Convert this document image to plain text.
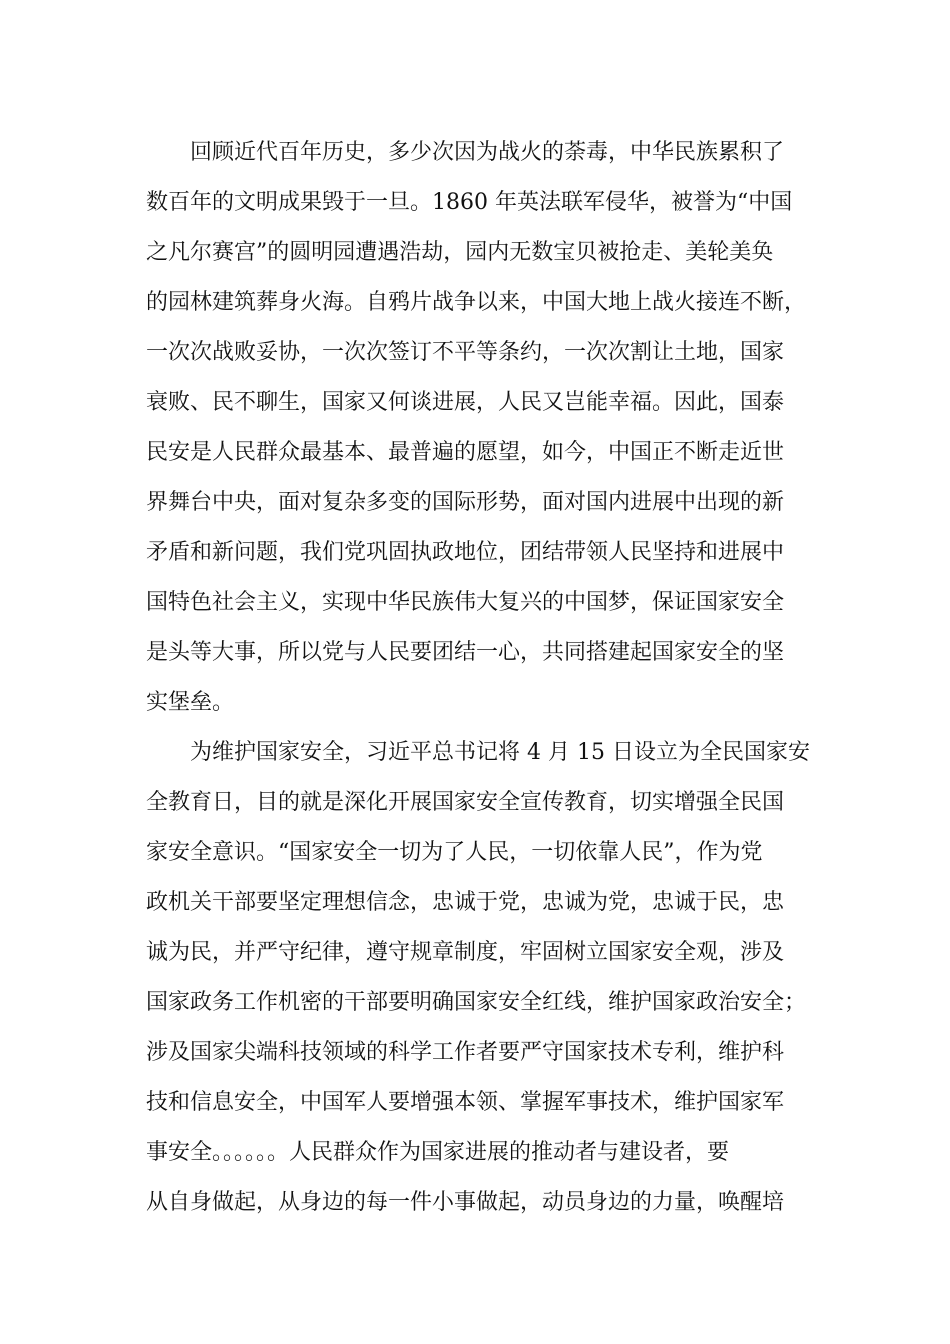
回顾近代百年历史，多少次因为战火的荼毒，中华民族累积了
数百年的文明成果毁于一旦。1860 年英法联军侵华，被誉为“中国
之凡尔赛宫”的圆明园遭遇浩劫，园内无数宝贝被抢走、美轮美奂
的园林建筑葬身火海。自鸦片战争以来，中国大地上战火接连不断，
一次次战败妥协，一次次签订不平等条约，一次次割让土地，国家
衰败、民不聊生，国家又何谈进展，人民又岂能幸福。因此，国泰
民安是人民群众最基本、最普遍的愿望，如今，中国正不断走近世
界舞台中央，面对复杂多变的国际形势，面对国内进展中出现的新
矛盾和新问题，我们党巩固执政地位，团结带领人民坚持和进展中
国特色社会主义，实现中华民族伟大复兴的中国梦，保证国家安全
是头等大事，所以党与人民要团结一心，共同搭建起国家安全的坚
实堡垒。
为维护国家安全，习近平总书记将 4 月 15 日设立为全民国家安
全教育日，目的就是深化开展国家安全宣传教育，切实增强全民国
家安全意识。“国家安全一切为了人民，一切依靠人民”，作为党
政机关干部要坚定理想信念，忠诚于党，忠诚为党，忠诚于民，忠
诚为民，并严守纪律，遵守规章制度，牢固树立国家安全观，涉及
国家政务工作机密的干部要明确国家安全红线，维护国家政治安全；
涉及国家尖端科技领域的科学工作者要严守国家技术专利，维护科
技和信息安全，中国军人要增强本领、掌握军事技术，维护国家军
事安全。。。。。。人民群众作为国家进展的推动者与建设者，要
从自身做起，从身边的每一件小事做起，动员身边的力量，唤醒培
